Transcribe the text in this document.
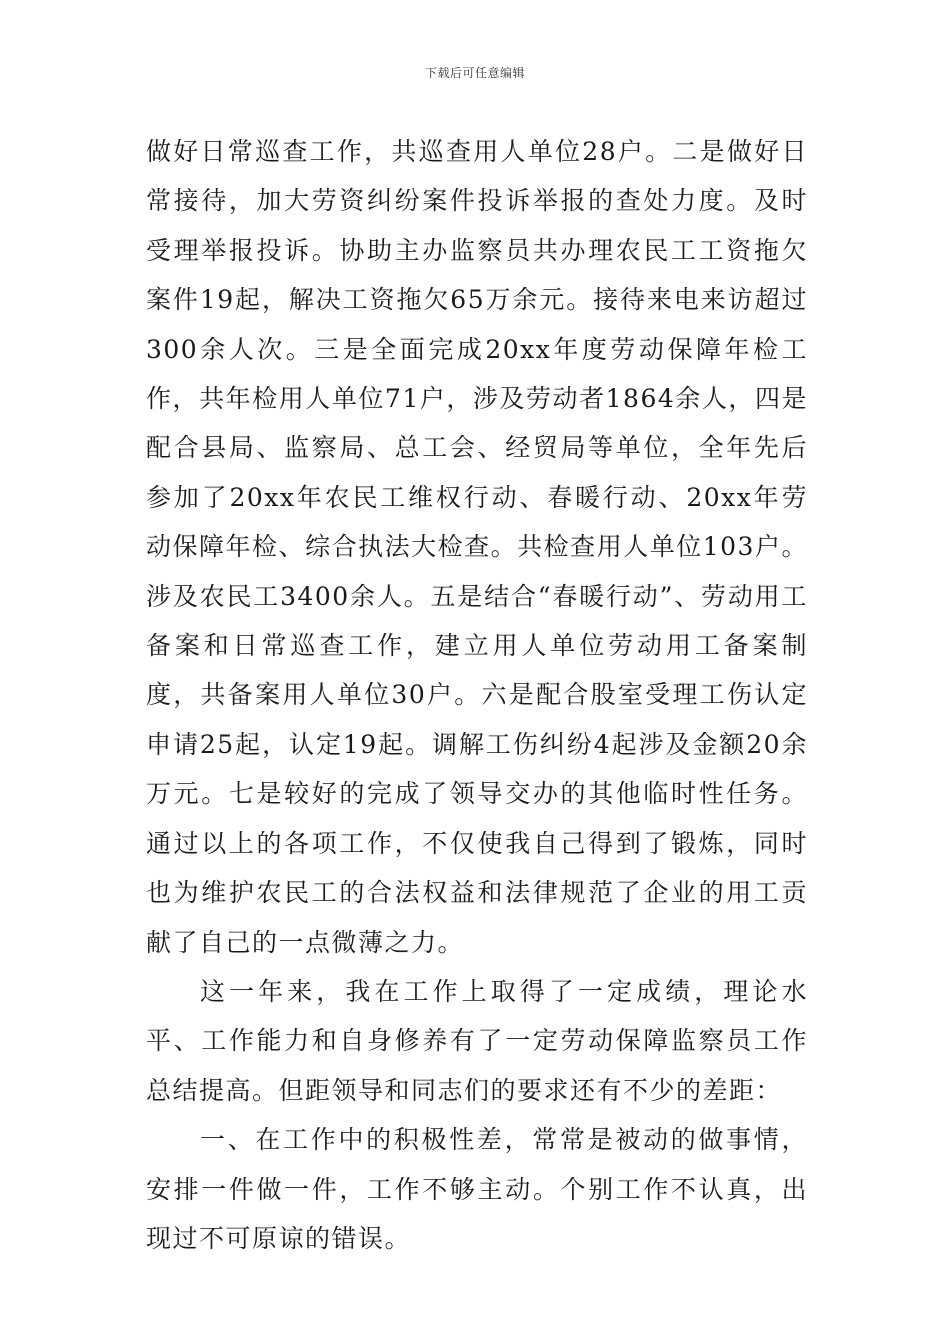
下载后可任意编辑

做好日常巡查工作，共巡查用人单位28户。二是做好日常接待，加大劳资纠纷案件投诉举报的查处力度。及时受理举报投诉。协助主办监察员共办理农民工工资拖欠案件19起，解决工资拖欠65万余元。接待来电来访超过300余人次。三是全面完成20xx年度劳动保障年检工作，共年检用人单位71户，涉及劳动者1864余人，四是配合县局、监察局、总工会、经贸局等单位，全年先后参加了20xx年农民工维权行动、春暖行动、20xx年劳动保障年检、综合执法大检查。共检查用人单位103户。涉及农民工3400余人。五是结合“春暖行动”、劳动用工备案和日常巡查工作，建立用人单位劳动用工备案制度，共备案用人单位30户。六是配合股室受理工伤认定申请25起，认定19起。调解工伤纠纷4起涉及金额20余万元。七是较好的完成了领导交办的其他临时性任务。通过以上的各项工作，不仅使我自己得到了锻炼，同时也为维护农民工的合法权益和法律规范了企业的用工贡献了自己的一点微薄之力。

这一年来，我在工作上取得了一定成绩，理论水平、工作能力和自身修养有了一定劳动保障监察员工作总结提高。但距领导和同志们的要求还有不少的差距：

一、在工作中的积极性差，常常是被动的做事情，安排一件做一件，工作不够主动。个别工作不认真，出现过不可原谅的错误。
